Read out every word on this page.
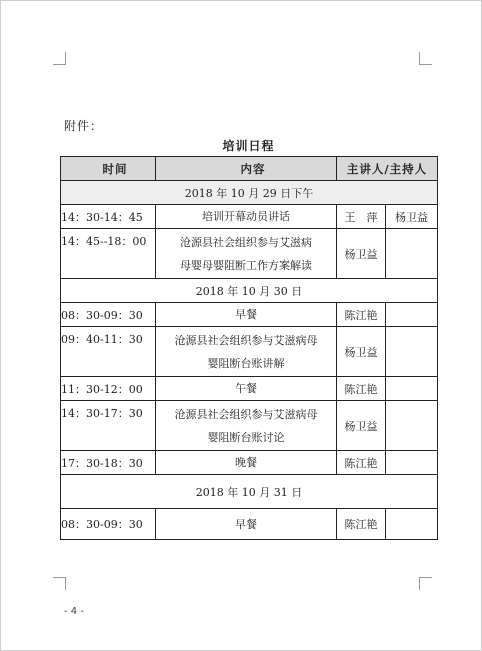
附件：
培训日程
时间	内容	主讲人/主持人	
2018 年 10 月 29 日下午			
14：30-14：45	培训开幕动员讲话	王　萍	杨卫益
14：45--18：00	沧源县社会组织参与艾滋病
母婴母婴阻断工作方案解读	杨卫益	
2018 年 10 月 30 日			
08：30-09：30	早餐	陈江艳	
09：40-11：30	沧源县社会组织参与艾滋病母
婴阻断台账讲解	杨卫益	
11：30-12：00	午餐	陈江艳	
14：30-17：30	沧源县社会组织参与艾滋病母
婴阻断台账讨论	杨卫益	
17：30-18：30	晚餐	陈江艳	
2018 年 10 月 31 日			
08：30-09：30	早餐	陈江艳	
- 4 -
